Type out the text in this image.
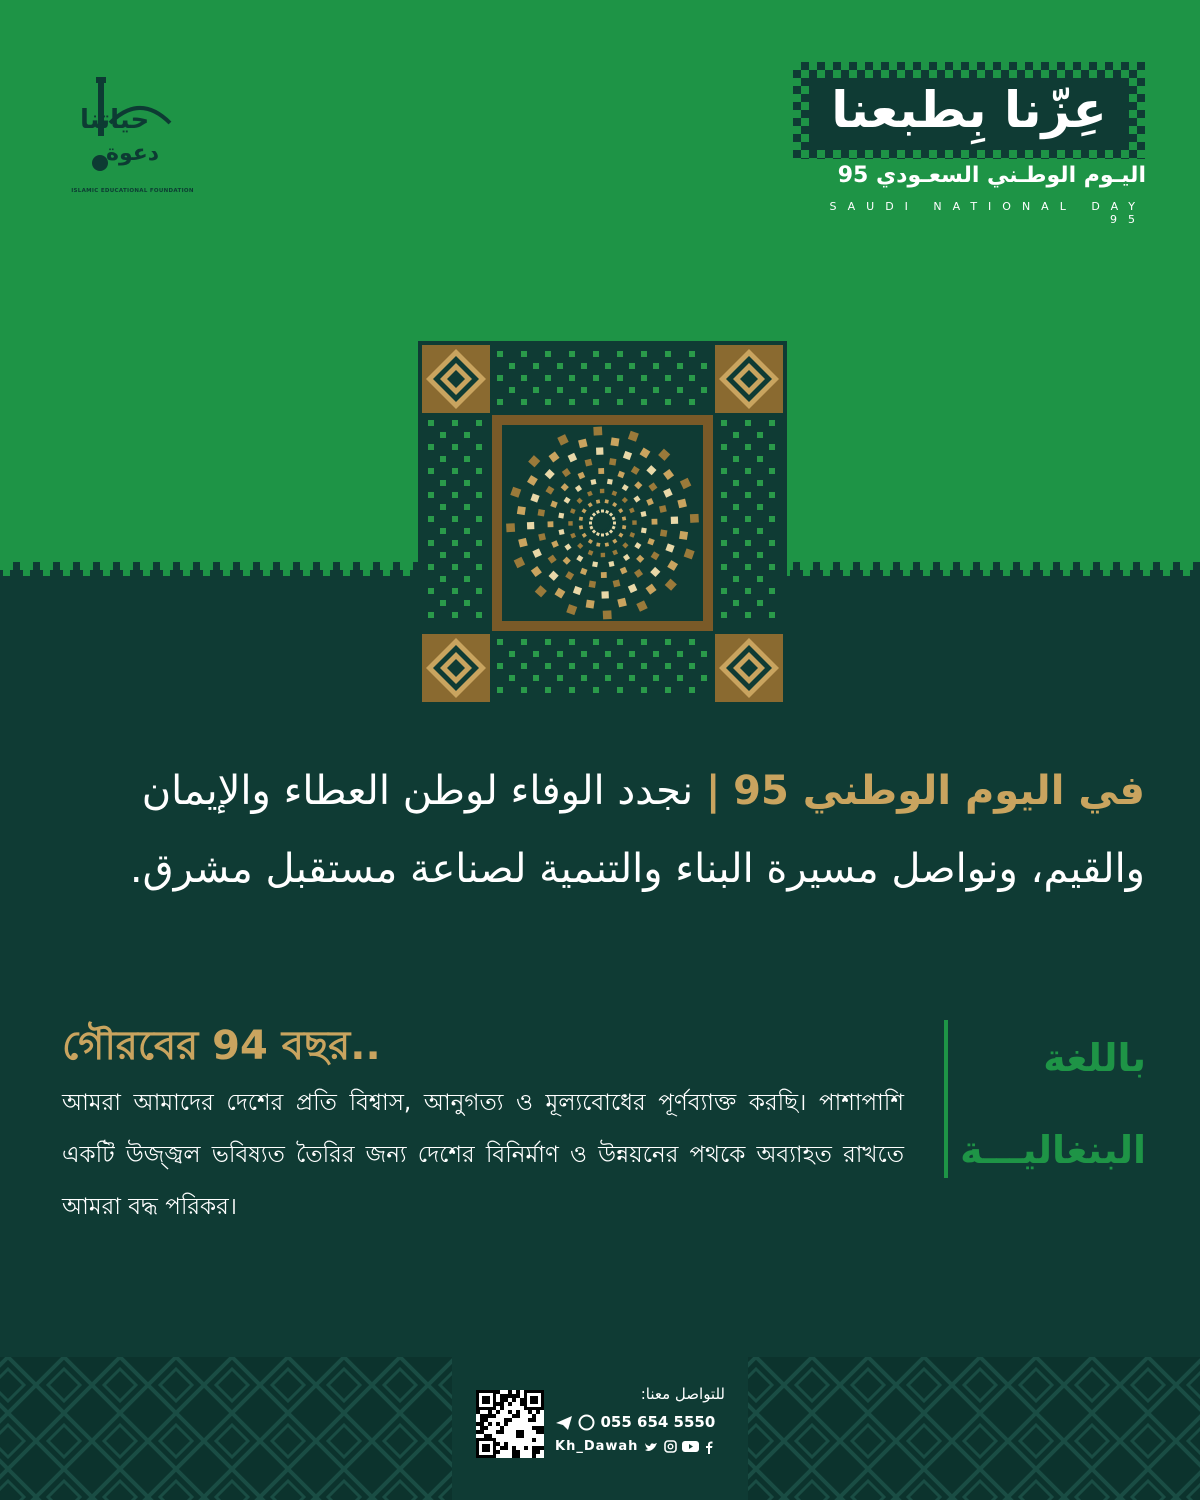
حياتنا
دعوة
ISLAMIC EDUCATIONAL FOUNDATION
عِزّنا بِطبعنا
اليـوم الوطـني السعـودي 95
SAUDI NATIONAL DAY 95
في اليوم الوطني 95 | نجدد الوفاء لوطن العطاء والإيمان
والقيم، ونواصل مسيرة البناء والتنمية لصناعة مستقبل مشرق.
باللغة
البنغاليـــة
গৌরবের 94 বছর..
আমরা আমাদের দেশের প্রতি বিশ্বাস, আনুগত্য ও মূল্যবোধের পূর্ণব্যাক্ত করছি। পাশাপাশি একটি উজ্জ্বল ভবিষ্যত তৈরির জন্য দেশের বিনির্মাণ ও উন্নয়নের পথকে অব্যাহত রাখতে আমরা বদ্ধ পরিকর।
للتواصل معنا:
055 654 5550
Kh_Dawah
